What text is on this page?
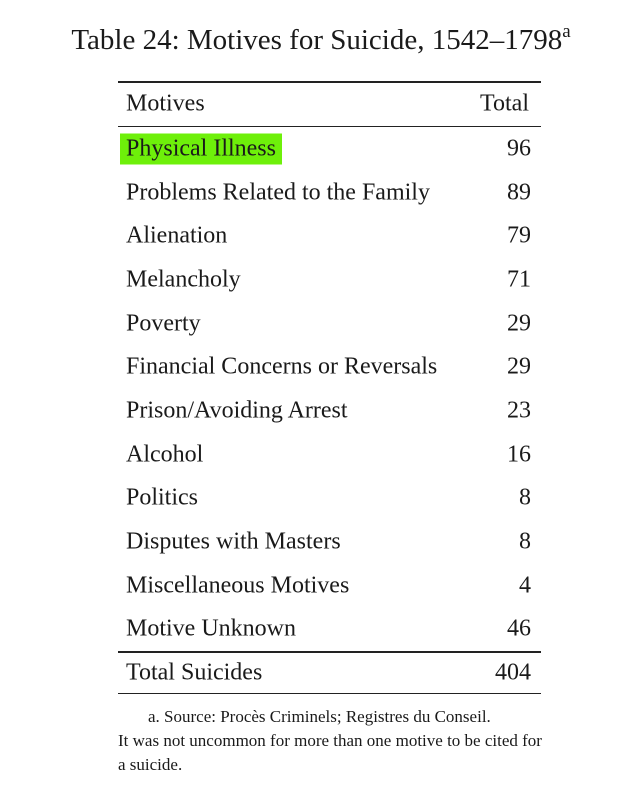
Table 24: Motives for Suicide, 1542–1798$^a$
Motives	Total
Physical Illness	96
Problems Related to the Family	89
Alienation	79
Melancholy	71
Poverty	29
Financial Concerns or Reversals	29
Prison/Avoiding Arrest	23
Alcohol	16
Politics	8
Disputes with Masters	8
Miscellaneous Motives	4
Motive Unknown	46
Total Suicides	404
a. Source: Procès Criminels; Registres du Conseil.
It was not uncommon for more than one motive to be cited for a suicide.
